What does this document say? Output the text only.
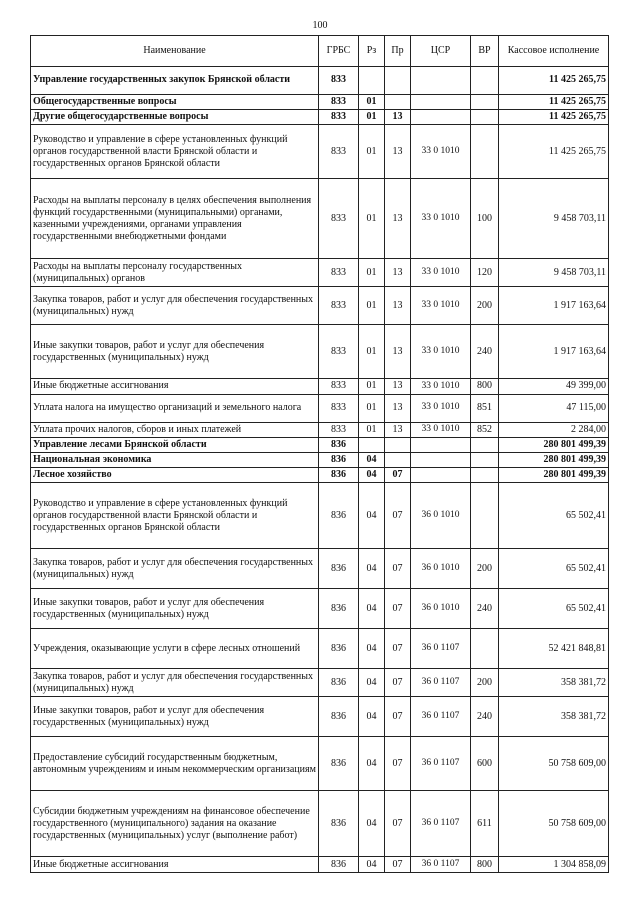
100
Наименование	ГРБС	Рз	Пр	ЦСР	ВР	Кассовое исполнение
Управление государственных закупок Брянской области	833					11 425 265,75
Общегосударственные вопросы	833	01				11 425 265,75
Другие общегосударственные вопросы	833	01	13			11 425 265,75
Руководство и управление в сфере установленных функций органов государственной власти Брянской области и государственных органов Брянской области	833	01	13	33 0 1010		11 425 265,75
Расходы на выплаты персоналу в целях обеспечения выполнения функций государственными (муниципальными) органами, казенными учреждениями, органами управления государственными внебюджетными фондами	833	01	13	33 0 1010	100	9 458 703,11
Расходы на выплаты персоналу государственных (муниципальных) органов	833	01	13	33 0 1010	120	9 458 703,11
Закупка товаров, работ и услуг для обеспечения государственных (муниципальных) нужд	833	01	13	33 0 1010	200	1 917 163,64
Иные закупки товаров, работ и услуг для обеспечения государственных (муниципальных) нужд	833	01	13	33 0 1010	240	1 917 163,64
Иные бюджетные ассигнования	833	01	13	33 0 1010	800	49 399,00
Уплата налога на имущество организаций и земельного налога	833	01	13	33 0 1010	851	47 115,00
Уплата прочих налогов, сборов и иных платежей	833	01	13	33 0 1010	852	2 284,00
Управление лесами Брянской области	836					280 801 499,39
Национальная экономика	836	04				280 801 499,39
Лесное хозяйство	836	04	07			280 801 499,39
Руководство и управление в сфере установленных функций органов государственной власти Брянской области и государственных органов Брянской области	836	04	07	36 0 1010		65 502,41
Закупка товаров, работ и услуг для обеспечения государственных (муниципальных) нужд	836	04	07	36 0 1010	200	65 502,41
Иные закупки товаров, работ и услуг для обеспечения государственных (муниципальных) нужд	836	04	07	36 0 1010	240	65 502,41
Учреждения, оказывающие услуги в сфере лесных отношений	836	04	07	36 0 1107		52 421 848,81
Закупка товаров, работ и услуг для обеспечения государственных (муниципальных) нужд	836	04	07	36 0 1107	200	358 381,72
Иные закупки товаров, работ и услуг для обеспечения государственных (муниципальных) нужд	836	04	07	36 0 1107	240	358 381,72
Предоставление субсидий государственным бюджетным, автономным учреждениям и иным некоммерческим организациям	836	04	07	36 0 1107	600	50 758 609,00
Субсидии бюджетным учреждениям на финансовое обеспечение государственного (муниципального) задания на оказание государственных (муниципальных) услуг (выполнение работ)	836	04	07	36 0 1107	611	50 758 609,00
Иные бюджетные ассигнования	836	04	07	36 0 1107	800	1 304 858,09
